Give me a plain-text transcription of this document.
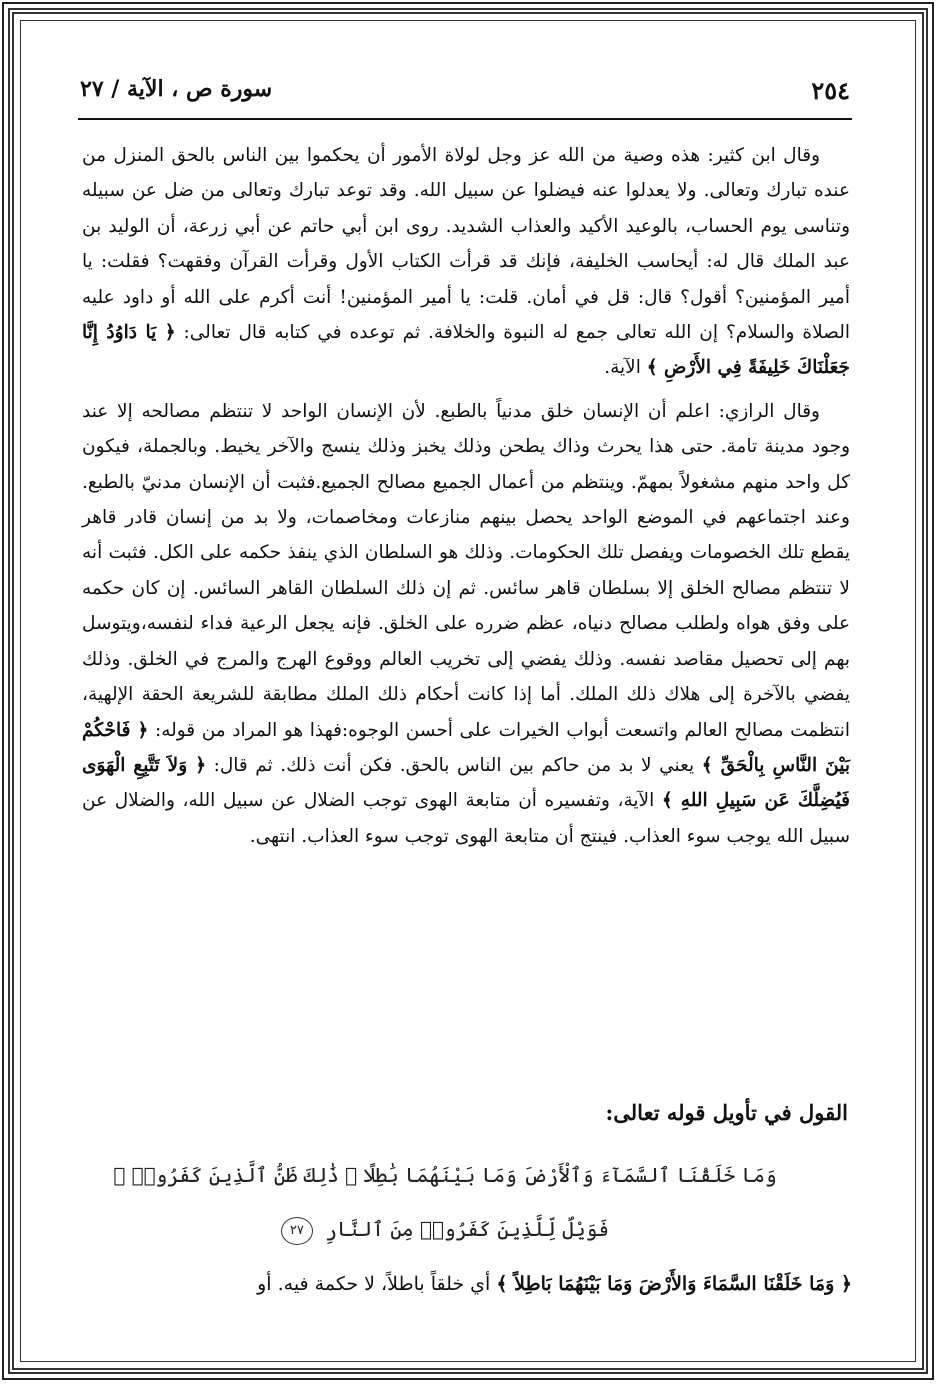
٢٥٤
سورة ص ، الآية / ٢٧

وقال ابن كثير: هذه وصية من الله عز وجل لولاة الأمور أن يحكموا بين الناس بالحق المنزل من عنده تبارك وتعالى. ولا يعدلوا عنه فيضلوا عن سبيل الله. وقد توعد تبارك وتعالى من ضل عن سبيله وتناسى يوم الحساب، بالوعيد الأكيد والعذاب الشديد. روى ابن أبي حاتم عن أبي زرعة، أن الوليد بن عبد الملك قال له: أيحاسب الخليفة، فإنك قد قرأت الكتاب الأول وقرأت القرآن وفقهت؟ فقلت: يا أمير المؤمنين؟ أقول؟ قال: قل في أمان. قلت: يا أمير المؤمنين! أنت أكرم على الله أو داود عليه الصلاة والسلام؟ إن الله تعالى جمع له النبوة والخلافة. ثم توعده في كتابه قال تعالى: ﴿ يَا دَاوُدُ إِنَّا جَعَلْنَاكَ خَلِيفَةً فِي الأَرْضِ ﴾ الآية.

وقال الرازي: اعلم أن الإنسان خلق مدنياً بالطبع. لأن الإنسان الواحد لا تنتظم مصالحه إلا عند وجود مدينة تامة. حتى هذا يحرث وذاك يطحن وذلك يخبز وذلك ينسج والآخر يخيط. وبالجملة، فيكون كل واحد منهم مشغولاً بمهمّ. وينتظم من أعمال الجميع مصالح الجميع.فثبت أن الإنسان مدنيّ بالطبع. وعند اجتماعهم في الموضع الواحد يحصل بينهم منازعات ومخاصمات، ولا بد من إنسان قادر قاهر يقطع تلك الخصومات ويفصل تلك الحكومات. وذلك هو السلطان الذي ينفذ حكمه على الكل. فثبت أنه لا تنتظم مصالح الخلق إلا بسلطان قاهر سائس. ثم إن ذلك السلطان القاهر السائس. إن كان حكمه على وفق هواه ولطلب مصالح دنياه، عظم ضرره على الخلق. فإنه يجعل الرعية فداء لنفسه،ويتوسل بهم إلى تحصيل مقاصد نفسه. وذلك يفضي إلى تخريب العالم ووقوع الهرج والمرج في الخلق. وذلك يفضي بالآخرة إلى هلاك ذلك الملك. أما إذا كانت أحكام ذلك الملك مطابقة للشريعة الحقة الإلهية، انتظمت مصالح العالم واتسعت أبواب الخيرات على أحسن الوجوه:فهذا هو المراد من قوله: ﴿ فَاحْكُمْ بَيْنَ النَّاسِ بِالْحَقِّ ﴾ يعني لا بد من حاكم بين الناس بالحق. فكن أنت ذلك. ثم قال: ﴿ وَلاَ تَتَّبِعِ الْهَوَى فَيُضِلَّكَ عَن سَبِيلِ اللهِ ﴾ الآية، وتفسيره أن متابعة الهوى توجب الضلال عن سبيل الله، والضلال عن سبيل الله يوجب سوء العذاب. فينتج أن متابعة الهوى توجب سوء العذاب. انتهى.

القول في تأويل قوله تعالى:
وَمَا خَلَقْنَا ٱلسَّمَآءَ وَٱلْأَرْضَ وَمَا بَيْنَهُمَا بَٰطِلًا ۚ ذَٰلِكَ ظَنُّ ٱلَّذِينَ كَفَرُوا۟ ۚ فَوَيْلٌ لِّلَّذِينَ كَفَرُوا۟ مِنَ ٱلنَّارِ ٢٧
﴿ وَمَا خَلَقْنَا السَّمَاءَ وَالأَرْضَ وَمَا بَيْنَهُمَا بَاطِلاً ﴾ أي خلقاً باطلاً، لا حكمة فيه. أو
